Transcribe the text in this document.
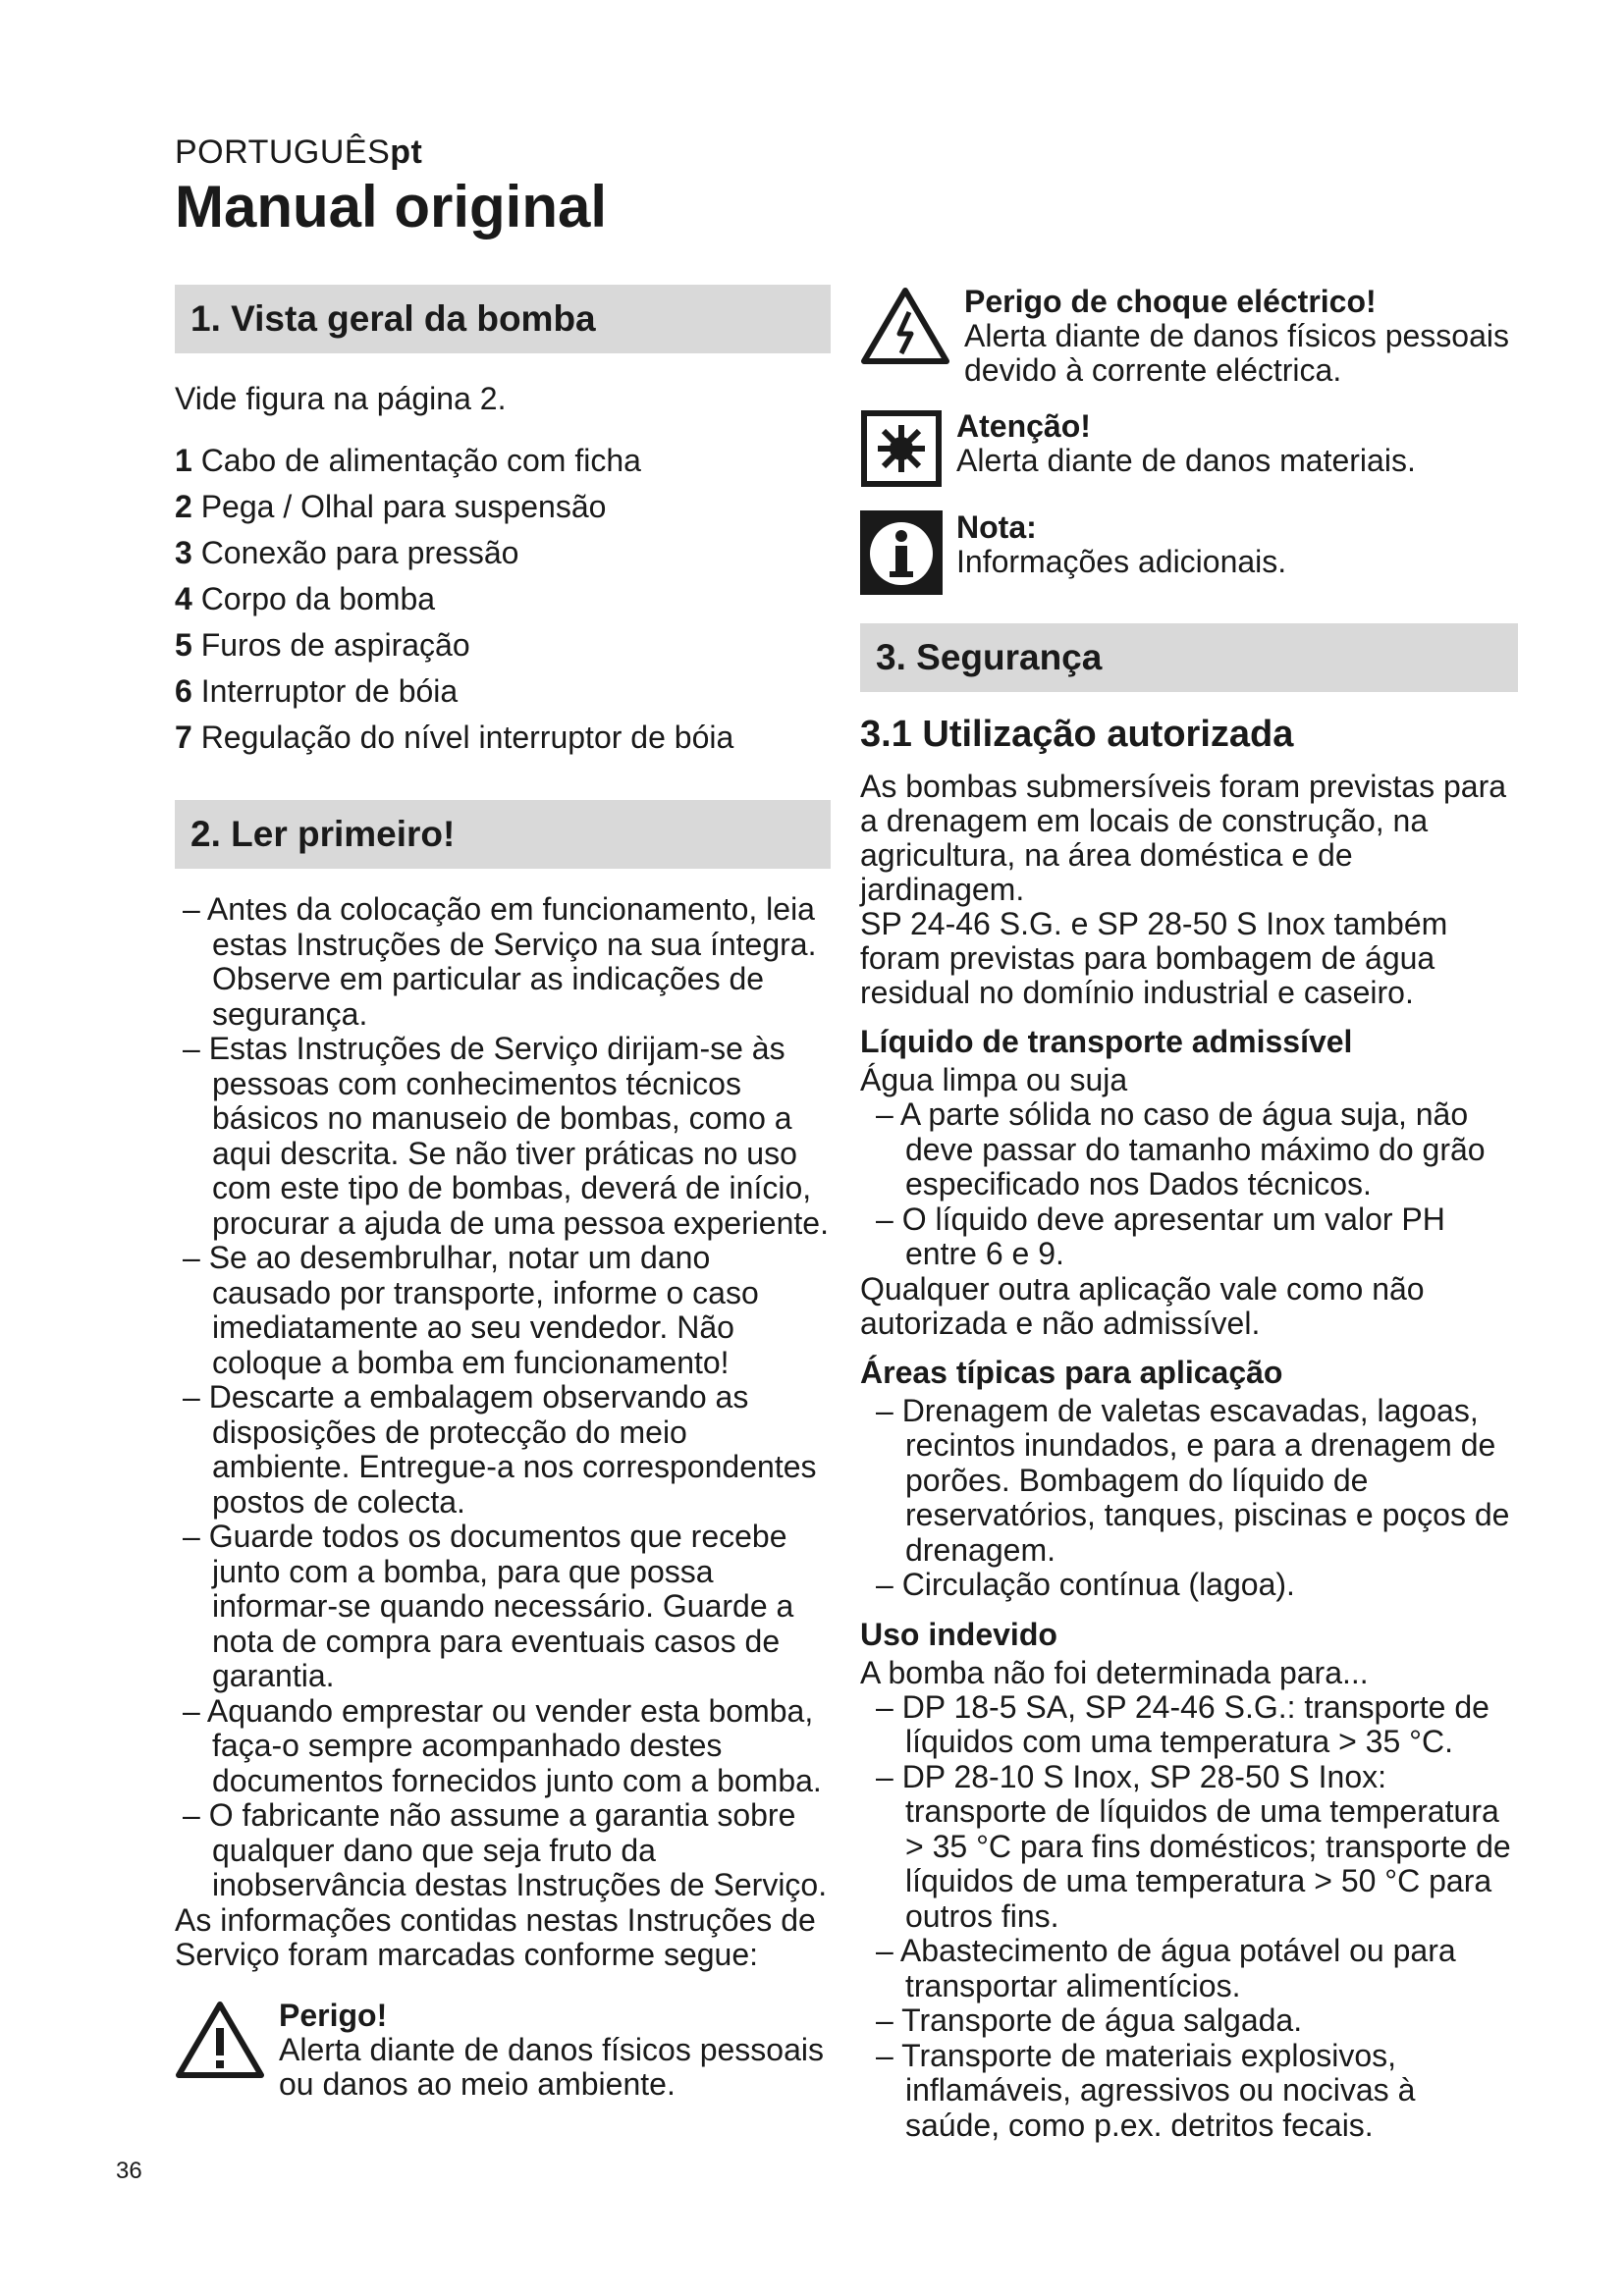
PORTUGUÊSpt
Manual original
1. Vista geral da bomba
Vide figura na página 2.
1 Cabo de alimentação com ficha
2 Pega / Olhal para suspensão
3 Conexão para pressão
4 Corpo da bomba
5 Furos de aspiração
6 Interruptor de bóia
7 Regulação do nível interruptor de bóia
2. Ler primeiro!
– Antes da colocação em funcionamento, leia estas Instruções de Serviço na sua íntegra. Observe em particular as indicações de segurança.
– Estas Instruções de Serviço dirijam-se às pessoas com conhecimentos técnicos básicos no manuseio de bombas, como a aqui descrita. Se não tiver práticas no uso com este tipo de bombas, deverá de início, procurar a ajuda de uma pessoa experiente.
– Se ao desembrulhar, notar um dano causado por transporte, informe o caso imediatamente ao seu vendedor. Não coloque a bomba em funcionamento!
– Descarte a embalagem observando as disposições de protecção do meio ambiente. Entregue-a nos correspondentes postos de colecta.
– Guarde todos os documentos que recebe junto com a bomba, para que possa informar-se quando necessário. Guarde a nota de compra para eventuais casos de garantia.
– Aquando emprestar ou vender esta bomba, faça-o sempre acompanhado destes documentos fornecidos junto com a bomba.
– O fabricante não assume a garantia sobre qualquer dano que seja fruto da inobservância destas Instruções de Serviço.
As informações contidas nestas Instruções de Serviço foram marcadas conforme segue:
Perigo!
Alerta diante de danos físicos pessoais ou danos ao meio ambiente.
Perigo de choque eléctrico!
Alerta diante de danos físicos pessoais devido à corrente eléctrica.
Atenção!
Alerta diante de danos materiais.
Nota:
Informações adicionais.
3. Segurança
3.1 Utilização autorizada
As bombas submersíveis foram previstas para a drenagem em locais de construção, na agricultura, na área doméstica e de jardinagem.
SP 24-46 S.G. e SP 28-50 S Inox também foram previstas para bombagem de água residual no domínio industrial e caseiro.
Líquido de transporte admissível
Água limpa ou suja
– A parte sólida no caso de água suja, não deve passar do tamanho máximo do grão especificado nos Dados técnicos.
– O líquido deve apresentar um valor PH entre 6 e 9.
Qualquer outra aplicação vale como não autorizada e não admissível.
Áreas típicas para aplicação
– Drenagem de valetas escavadas, lagoas, recintos inundados, e para a drenagem de porões. Bombagem do líquido de reservatórios, tanques, piscinas e poços de drenagem.
– Circulação contínua (lagoa).
Uso indevido
A bomba não foi determinada para...
– DP 18-5 SA, SP 24-46 S.G.: transporte de líquidos com uma temperatura > 35 °C.
– DP 28-10 S Inox, SP 28-50 S Inox: transporte de líquidos de uma temperatura > 35 °C para fins domésticos; transporte de líquidos de uma temperatura > 50 °C para outros fins.
– Abastecimento de água potável ou para transportar alimentícios.
– Transporte de água salgada.
– Transporte de materiais explosivos, inflamáveis, agressivos ou nocivas à saúde, como p.ex. detritos fecais.
36
